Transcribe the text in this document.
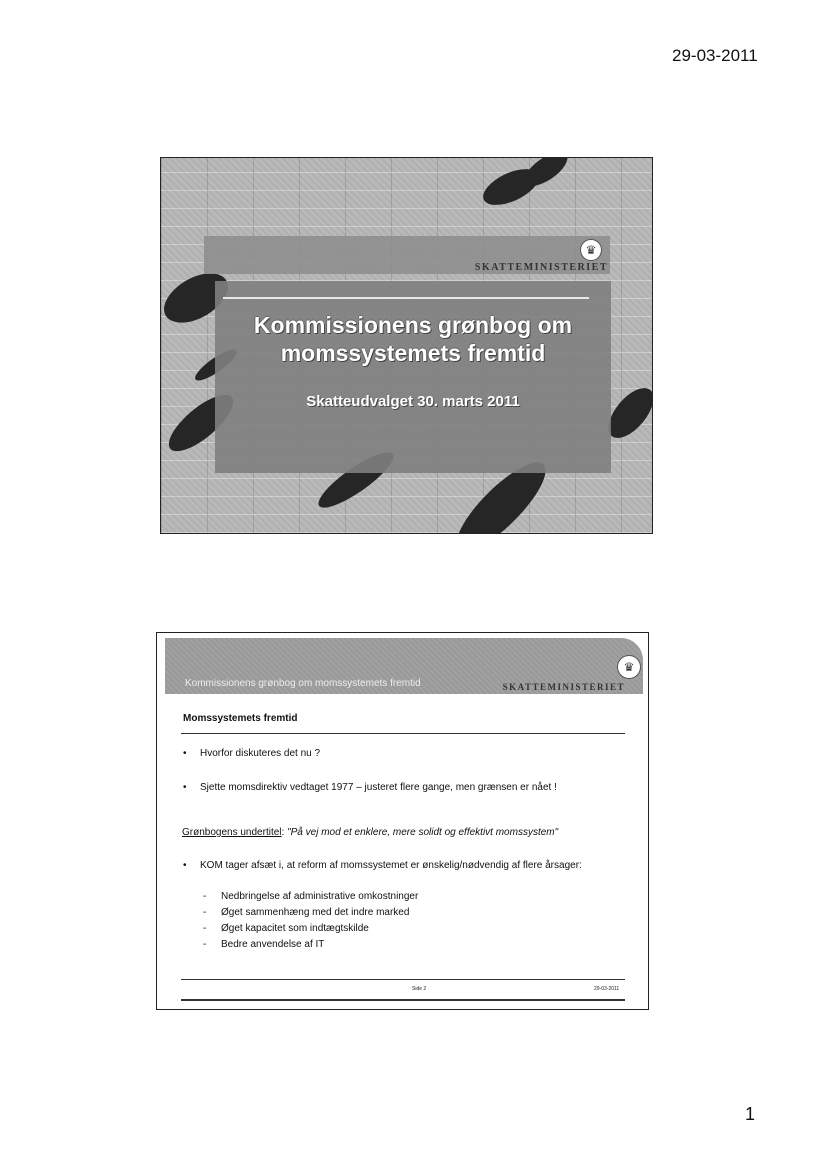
29-03-2011
♛
SKATTEMINISTERIET
Kommissionens grønbog om
momssystemets fremtid
Skatteudvalget 30. marts 2011
♛
Kommissionens grønbog om momssystemets fremtid	SKATTEMINISTERIET
Momssystemets fremtid
• Hvorfor diskuteres det nu ?
• Sjette momsdirektiv vedtaget 1977 – justeret flere gange, men grænsen er nået !
Grønbogens undertitel: "På vej mod et enklere, mere solidt og effektivt momssystem"
• KOM tager afsæt i, at reform af momssystemet er ønskelig/nødvendig af flere årsager:
- Nedbringelse af administrative omkostninger
- Øget sammenhæng med det indre marked
- Øget kapacitet som indtægtskilde
- Bedre anvendelse af IT
Side 2	29-03-2011
1
